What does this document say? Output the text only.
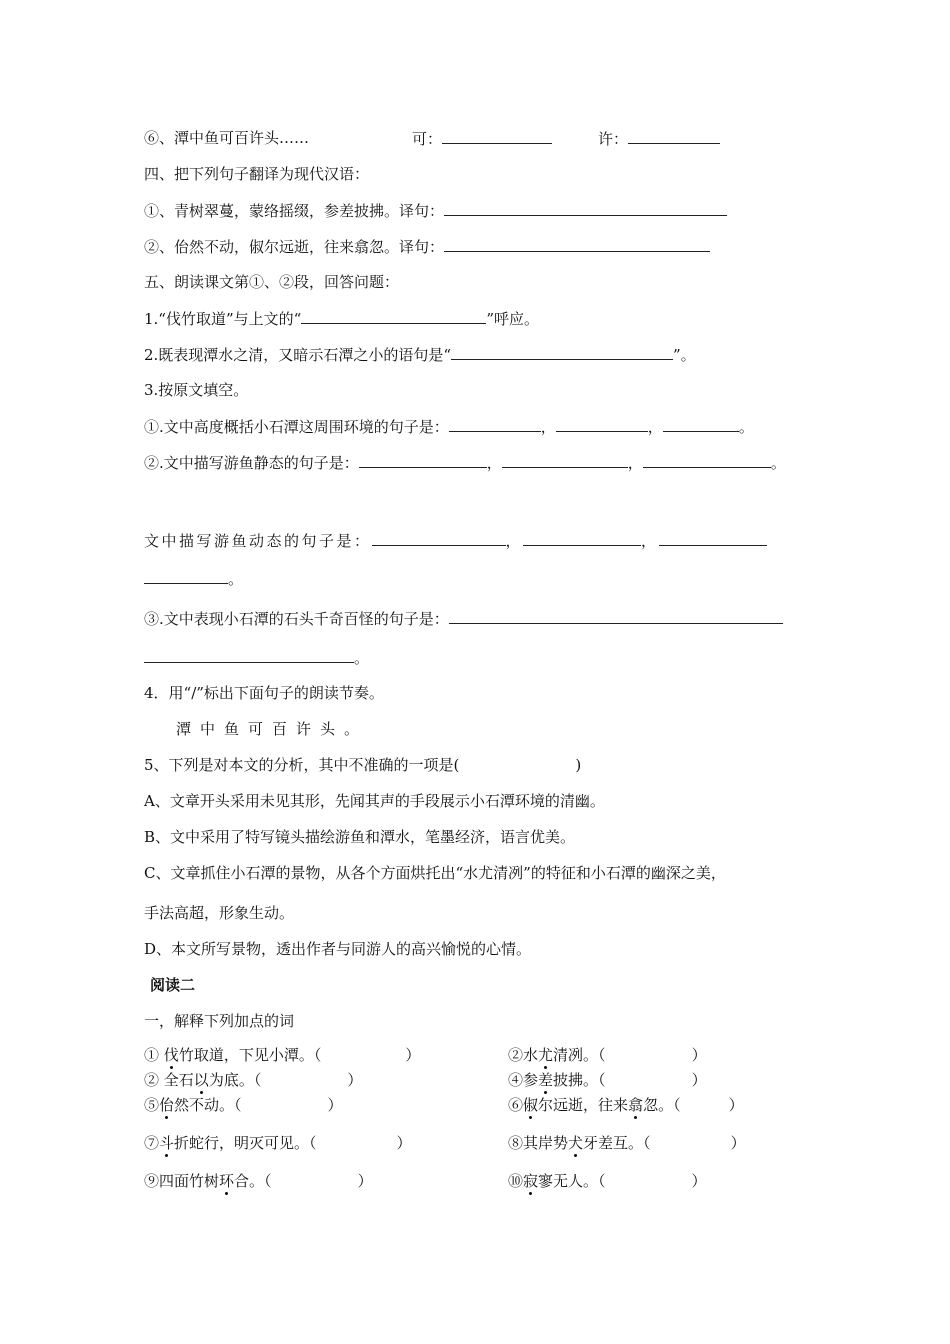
⑥、潭中鱼可百许头……	可：	许：
四、把下列句子翻译为现代汉语：
①、青树翠蔓，蒙络摇缀，参差披拂。译句：
②、佁然不动，俶尔远逝，往来翕忽。译句：
五、朗读课文第①、②段，回答问题：
1.“伐竹取道”与上文的“	”呼应。
2.既表现潭水之清，又暗示石潭之小的语句是“	”。
3.按原文填空。
①.文中高度概括小石潭这周围环境的句子是：	，	，	。
②.文中描写游鱼静态的句子是：	，	，	。
文中描写游鱼动态的句子是：	，	，
。
③.文中表现小石潭的石头千奇百怪的句子是：
。
4．用“/”标出下面句子的朗读节奏。
潭中鱼可百许头。
5、下列是对本文的分析，其中不准确的一项是(	)
A、文章开头采用未见其形，先闻其声的手段展示小石潭环境的清幽。
B、文中采用了特写镜头描绘游鱼和潭水，笔墨经济，语言优美。
C、文章抓住小石潭的景物，从各个方面烘托出“水尤清冽”的特征和小石潭的幽深之美，
手法高超，形象生动。
D、本文所写景物，透出作者与同游人的高兴愉悦的心情。
阅读二
一，解释下列加点的词
① 伐竹取道，下见小潭。（	）	②水尤清冽。（	）
② 全石以为底。（	）	④参差披拂。（	）
⑤佁然不动。（	）	⑥俶尔远逝，往来翕忽。（	）
⑦斗折蛇行，明灭可见。（	）	⑧其岸势犬牙差互。（	）
⑨四面竹树环合。（	）	⑩寂寥无人。（	）
